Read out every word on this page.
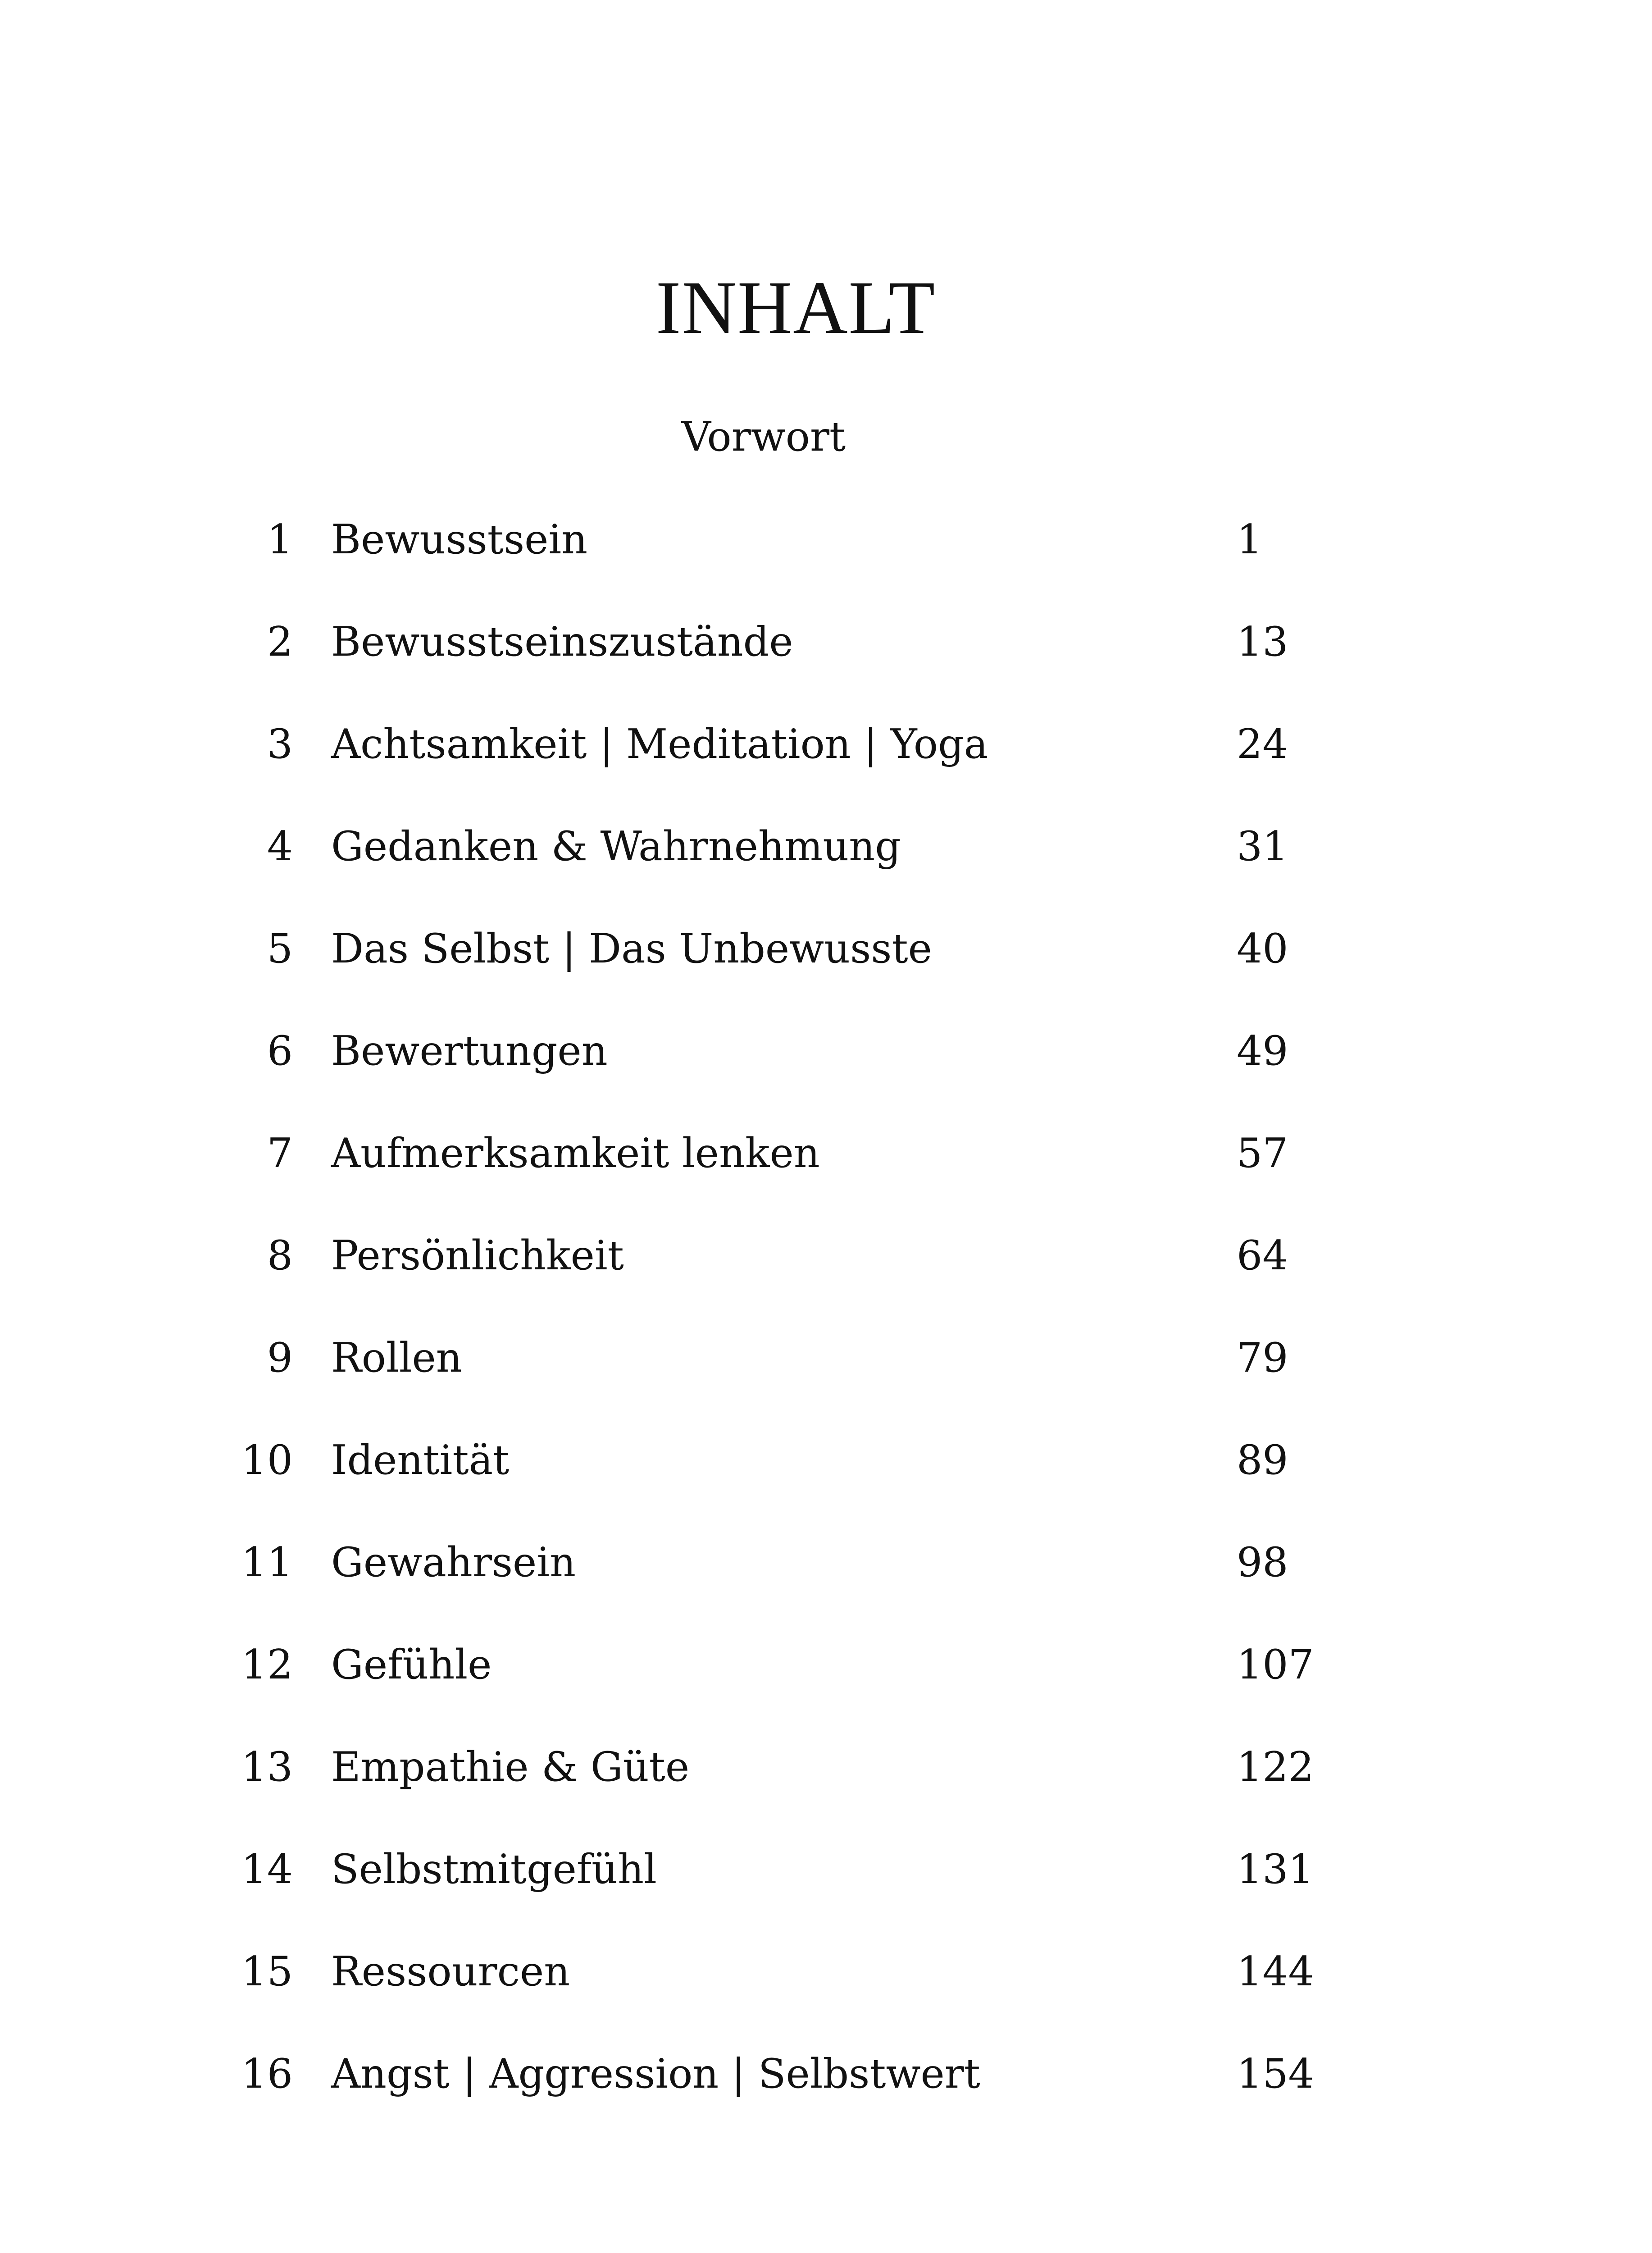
INHALT
Vorwort
1 Bewusstsein	1
2 Bewusstseinszustände	13
3 Achtsamkeit | Meditation | Yoga	24
4 Gedanken & Wahrnehmung	31
5 Das Selbst | Das Unbewusste	40
6 Bewertungen	49
7 Aufmerksamkeit lenken	57
8 Persönlichkeit	64
9 Rollen	79
10 Identität	89
11 Gewahrsein	98
12 Gefühle	107
13 Empathie & Güte	122
14 Selbstmitgefühl	131
15 Ressourcen	144
16 Angst | Aggression | Selbstwert	154
